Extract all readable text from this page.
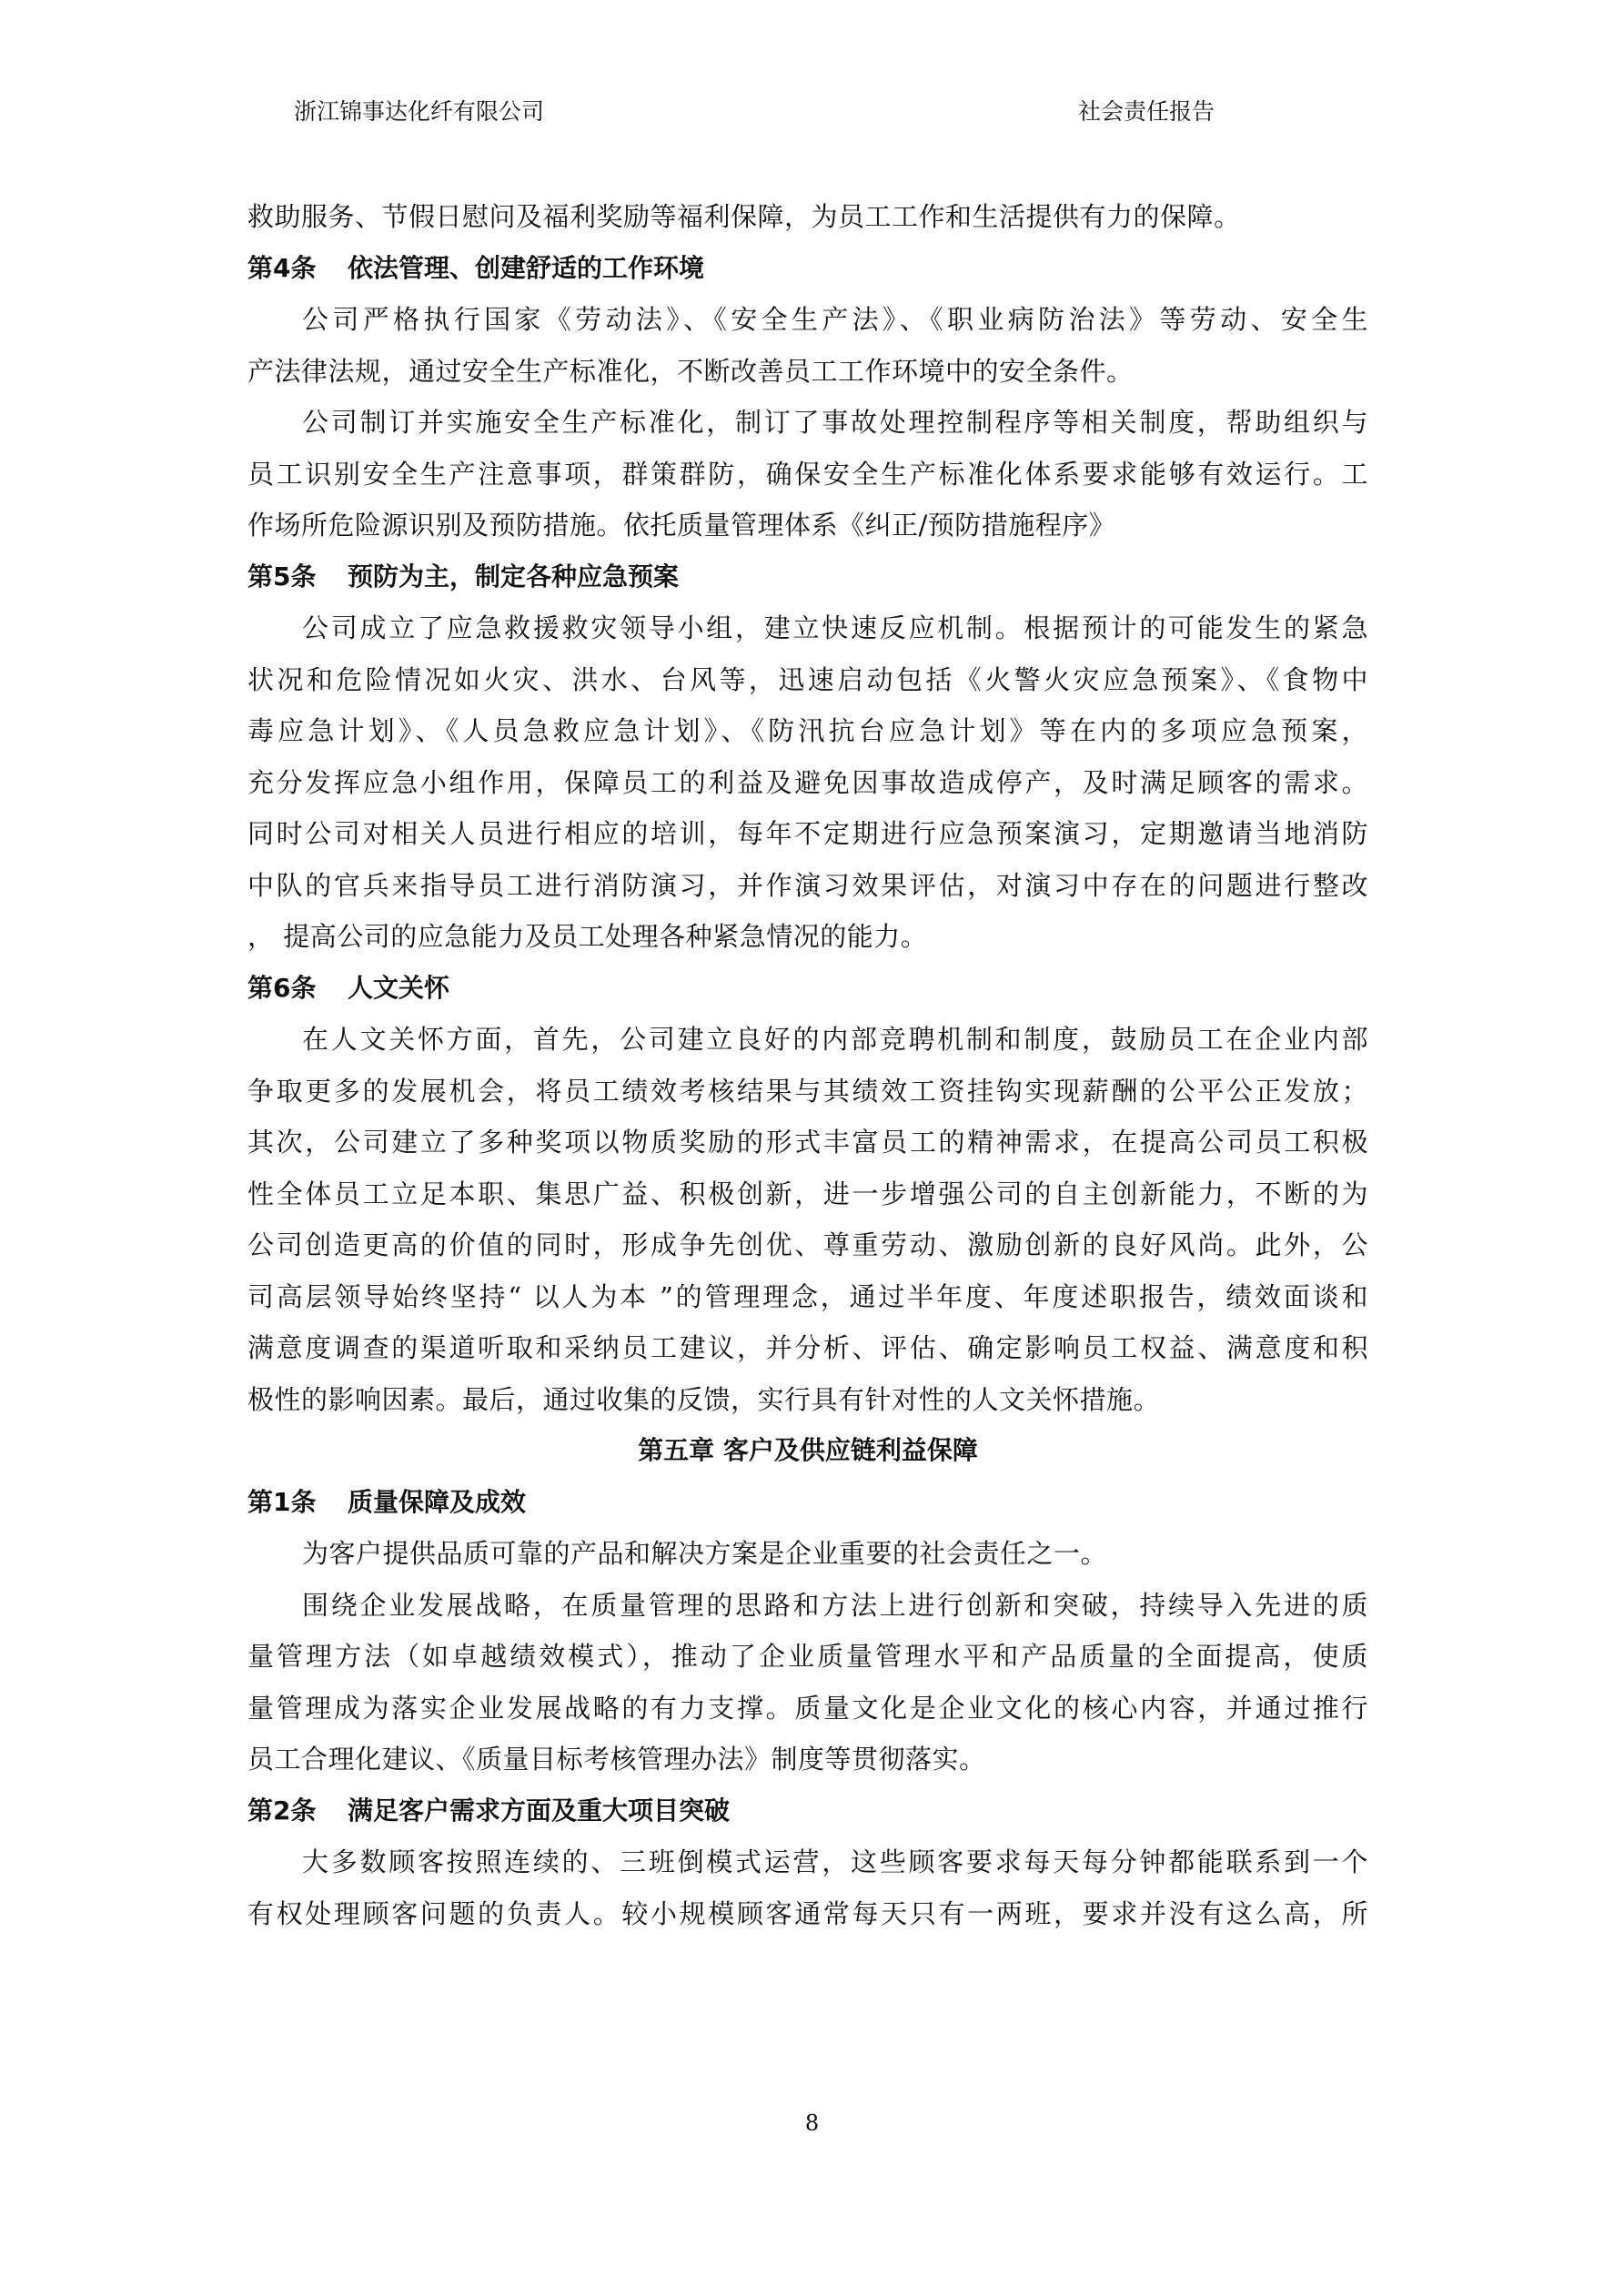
浙江锦事达化纤有限公司	社会责任报告
救助服务、节假日慰问及福利奖励等福利保障，为员工工作和生活提供有力的保障。
第4条 依法管理、创建舒适的工作环境
公司严格执行国家《劳动法》、《安全生产法》、《职业病防治法》等劳动、安全生
产法律法规，通过安全生产标准化，不断改善员工工作环境中的安全条件。
公司制订并实施安全生产标准化，制订了事故处理控制程序等相关制度，帮助组织与
员工识别安全生产注意事项，群策群防，确保安全生产标准化体系要求能够有效运行。工
作场所危险源识别及预防措施。依托质量管理体系《纠正/预防措施程序》
第5条 预防为主，制定各种应急预案
公司成立了应急救援救灾领导小组，建立快速反应机制。根据预计的可能发生的紧急
状况和危险情况如火灾、洪水、台风等，迅速启动包括《火警火灾应急预案》、《食物中
毒应急计划》、《人员急救应急计划》、《防汛抗台应急计划》等在内的多项应急预案，
充分发挥应急小组作用，保障员工的利益及避免因事故造成停产，及时满足顾客的需求。
同时公司对相关人员进行相应的培训，每年不定期进行应急预案演习，定期邀请当地消防
中队的官兵来指导员工进行消防演习，并作演习效果评估，对演习中存在的问题进行整改
， 提高公司的应急能力及员工处理各种紧急情况的能力。
第6条 人文关怀
在人文关怀方面，首先，公司建立良好的内部竞聘机制和制度，鼓励员工在企业内部
争取更多的发展机会，将员工绩效考核结果与其绩效工资挂钩实现薪酬的公平公正发放；
其次，公司建立了多种奖项以物质奖励的形式丰富员工的精神需求，在提高公司员工积极
性全体员工立足本职、集思广益、积极创新，进一步增强公司的自主创新能力，不断的为
公司创造更高的价值的同时，形成争先创优、尊重劳动、激励创新的良好风尚。此外，公
司高层领导始终坚持“ 以人为本 ”的管理理念，通过半年度、年度述职报告，绩效面谈和
满意度调查的渠道听取和采纳员工建议，并分析、评估、确定影响员工权益、满意度和积
极性的影响因素。最后，通过收集的反馈，实行具有针对性的人文关怀措施。
第五章 客户及供应链利益保障
第1条 质量保障及成效
为客户提供品质可靠的产品和解决方案是企业重要的社会责任之一。
围绕企业发展战略，在质量管理的思路和方法上进行创新和突破，持续导入先进的质
量管理方法（如卓越绩效模式），推动了企业质量管理水平和产品质量的全面提高，使质
量管理成为落实企业发展战略的有力支撑。质量文化是企业文化的核心内容，并通过推行
员工合理化建议、《质量目标考核管理办法》制度等贯彻落实。
第2条 满足客户需求方面及重大项目突破
大多数顾客按照连续的、三班倒模式运营，这些顾客要求每天每分钟都能联系到一个
有权处理顾客问题的负责人。较小规模顾客通常每天只有一两班，要求并没有这么高，所
8
